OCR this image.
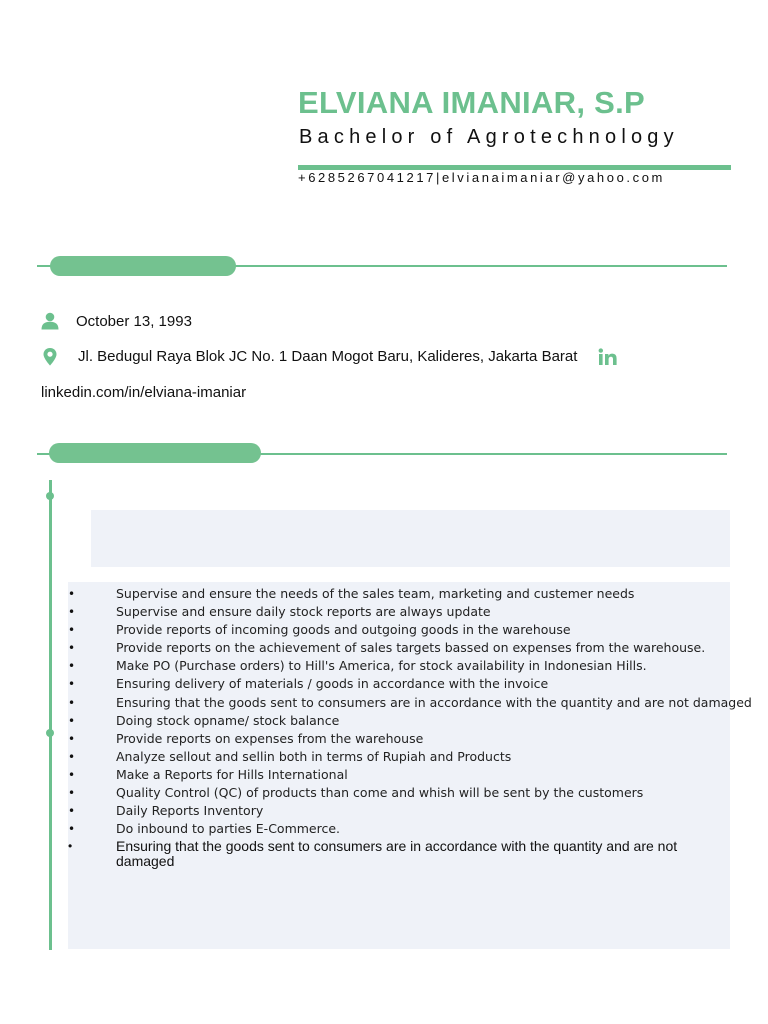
ELVIANA IMANIAR, S.P
Bachelor of Agrotechnology
+6285267041217|elvianaimaniar@yahoo.com
October 13, 1993
Jl. Bedugul Raya Blok JC No. 1 Daan Mogot Baru, Kalideres, Jakarta Barat
linkedin.com/in/elviana-imaniar
• Supervise and ensure the needs of the sales team, marketing and custemer needs
• Supervise and ensure daily stock reports are always update
• Provide reports of incoming goods and outgoing goods in the warehouse
• Provide reports on the achievement of sales targets bassed on expenses from the warehouse.
• Make PO (Purchase orders) to Hill's America, for stock availability in Indonesian Hills.
• Ensuring delivery of materials / goods in accordance with the invoice
• Ensuring that the goods sent to consumers are in accordance with the quantity and are not damaged
• Doing stock opname/ stock balance
• Provide reports on expenses from the warehouse
• Analyze sellout and sellin both in terms of Rupiah and Products
• Make a Reports for Hills International
• Quality Control (QC) of products than come and whish will be sent by the customers
• Daily Reports Inventory
• Do inbound to parties E-Commerce.
• Ensuring that the goods sent to consumers are in accordance with the quantity and are not damaged
